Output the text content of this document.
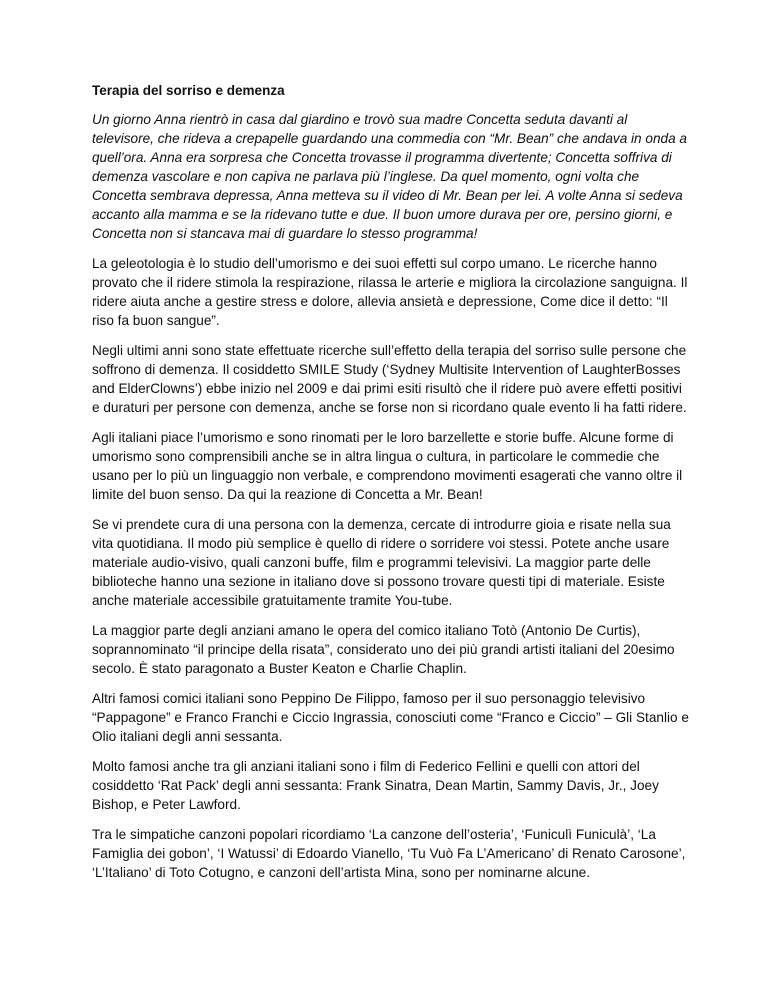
Terapia del sorriso e demenza

Un giorno Anna rientrò in casa dal giardino e trovò sua madre Concetta seduta davanti al televisore, che rideva a crepapelle guardando una commedia con “Mr. Bean” che andava in onda a quell’ora. Anna era sorpresa che Concetta trovasse il programma divertente; Concetta soffriva di demenza vascolare e non capiva ne parlava più l’inglese. Da quel momento, ogni volta che Concetta sembrava depressa, Anna metteva su il video di Mr. Bean per lei. A volte Anna si sedeva accanto alla mamma e se la ridevano tutte e due. Il buon umore durava per ore, persino giorni, e Concetta non si stancava mai di guardare lo stesso programma!

La geleotologia è lo studio dell’umorismo e dei suoi effetti sul corpo umano. Le ricerche hanno provato che il ridere stimola la respirazione, rilassa le arterie e migliora la circolazione sanguigna. Il ridere aiuta anche a gestire stress e dolore, allevia ansietà e depressione, Come dice il detto: “Il riso fa buon sangue”.

Negli ultimi anni sono state effettuate ricerche sull’effetto della terapia del sorriso sulle persone che soffrono di demenza. Il cosiddetto SMILE Study (‘Sydney Multisite Intervention of LaughterBosses and ElderClowns’) ebbe inizio nel 2009 e dai primi esiti risultò che il ridere può avere effetti positivi e duraturi per persone con demenza, anche se forse non si ricordano quale evento li ha fatti ridere.

Agli italiani piace l’umorismo e sono rinomati per le loro barzellette e storie buffe. Alcune forme di umorismo sono comprensibili anche se in altra lingua o cultura, in particolare le commedie che usano per lo più un linguaggio non verbale, e comprendono movimenti esagerati che vanno oltre il limite del buon senso. Da qui la reazione di Concetta a Mr. Bean!

Se vi prendete cura di una persona con la demenza, cercate di introdurre gioia e risate nella sua vita quotidiana. Il modo più semplice è quello di ridere o sorridere voi stessi. Potete anche usare materiale audio-visivo, quali canzoni buffe, film e programmi televisivi. La maggior parte delle biblioteche hanno una sezione in italiano dove si possono trovare questi tipi di materiale. Esiste anche materiale accessibile gratuitamente tramite You-tube.

La maggior parte degli anziani amano le opera del comico italiano Totò (Antonio De Curtis), soprannominato “il principe della risata”, considerato uno dei più grandi artisti italiani del 20esimo secolo. È stato paragonato a Buster Keaton e Charlie Chaplin.

Altri famosi comici italiani sono Peppino De Filippo, famoso per il suo personaggio televisivo “Pappagone” e Franco Franchi e Ciccio Ingrassia, conosciuti come “Franco e Ciccio” – Gli Stanlio e Olio italiani degli anni sessanta.

Molto famosi anche tra gli anziani italiani sono i film di Federico Fellini e quelli con attori del cosiddetto ‘Rat Pack’ degli anni sessanta: Frank Sinatra, Dean Martin, Sammy Davis, Jr., Joey Bishop, e Peter Lawford.

Tra le simpatiche canzoni popolari ricordiamo ‘La canzone dell’osteria’, ‘Funiculì Funiculà’, ‘La Famiglia dei gobon’, ‘I Watussi’ di Edoardo Vianello, ‘Tu Vuò Fa L’Americano’ di Renato Carosone’, ‘L’Italiano’ di Toto Cotugno, e canzoni dell’artista Mina, sono per nominarne alcune.
